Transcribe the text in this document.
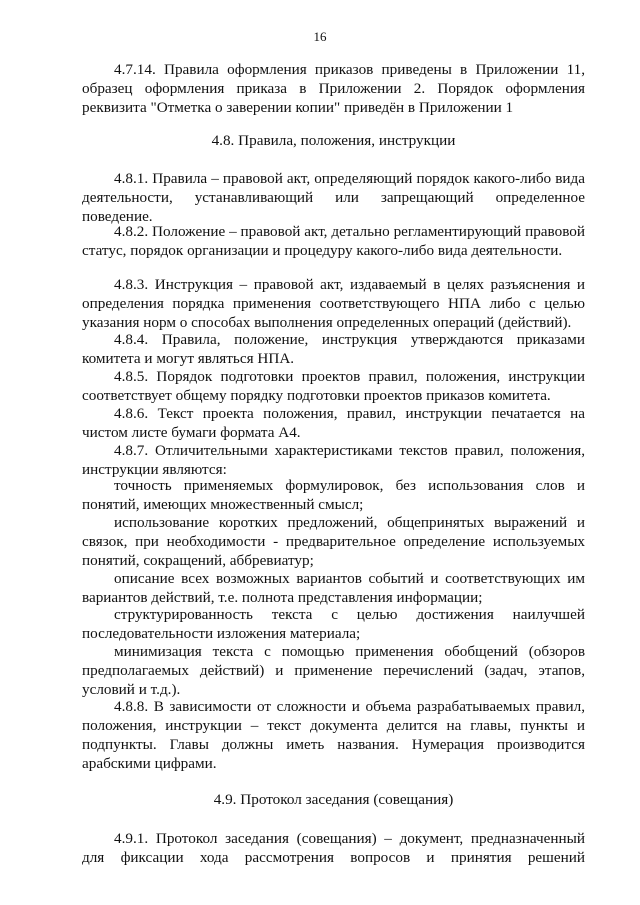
16
4.7.14. Правила оформления приказов приведены в Приложении 11, образец оформления приказа в Приложении 2. Порядок оформления реквизита "Отметка о заверении копии" приведён в Приложении 1
4.8. Правила, положения, инструкции
4.8.1. Правила – правовой акт, определяющий порядок какого-либо вида деятельности, устанавливающий или запрещающий определенное поведение.
4.8.2. Положение – правовой акт, детально регламентирующий правовой статус, порядок организации и процедуру какого-либо вида деятельности.
4.8.3. Инструкция – правовой акт, издаваемый в целях разъяснения и определения порядка применения соответствующего НПА либо с целью указания норм о способах выполнения определенных операций (действий).
4.8.4. Правила, положение, инструкция утверждаются приказами комитета и могут являться НПА.
4.8.5. Порядок подготовки проектов правил, положения, инструкции соответствует общему порядку подготовки проектов приказов комитета.
4.8.6. Текст проекта положения, правил, инструкции печатается на чистом листе бумаги формата А4.
4.8.7. Отличительными характеристиками текстов правил, положения, инструкции являются:
точность применяемых формулировок, без использования слов и понятий, имеющих множественный смысл;
использование коротких предложений, общепринятых выражений и связок, при необходимости - предварительное определение используемых понятий, сокращений, аббревиатур;
описание всех возможных вариантов событий и соответствующих им вариантов действий, т.е. полнота представления информации;
структурированность текста с целью достижения наилучшей последовательности изложения материала;
минимизация текста с помощью применения обобщений (обзоров предполагаемых действий) и применение перечислений (задач, этапов, условий и т.д.).
4.8.8. В зависимости от сложности и объема разрабатываемых правил, положения, инструкции – текст документа делится на главы, пункты и подпункты. Главы должны иметь названия. Нумерация производится арабскими цифрами.
4.9. Протокол заседания (совещания)
4.9.1. Протокол заседания (совещания) – документ, предназначенный для фиксации хода рассмотрения вопросов и принятия решений
